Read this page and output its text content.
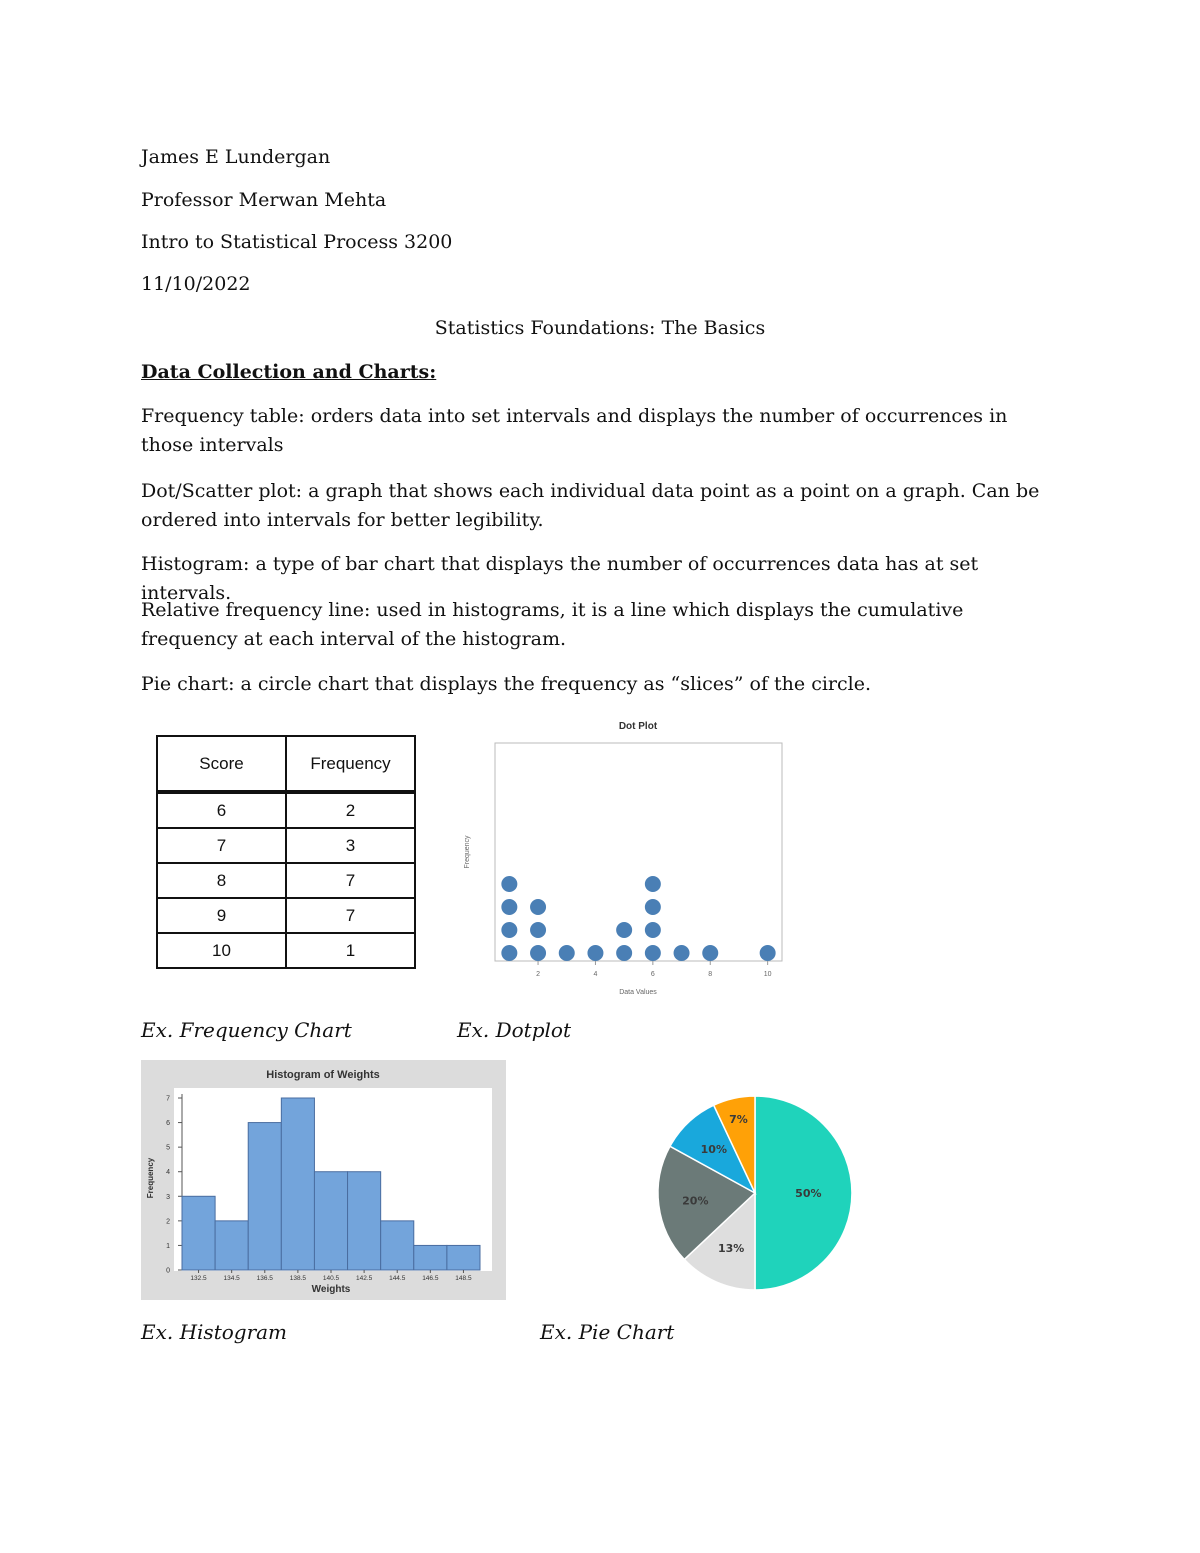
James E Lundergan
Professor Merwan Mehta
Intro to Statistical Process 3200
11/10/2022
Statistics Foundations: The Basics
Data Collection and Charts:
Frequency table: orders data into set intervals and displays the number of occurrences in those intervals
Dot/Scatter plot: a graph that shows each individual data point as a point on a graph. Can be ordered into intervals for better legibility.
Histogram: a type of bar chart that displays the number of occurrences data has at set intervals.
Relative frequency line: used in histograms, it is a line which displays the cumulative frequency at each interval of the histogram.
Pie chart: a circle chart that displays the frequency as “slices” of the circle.
Score	Frequency
6	2
7	3
8	7
9	7
10	1
Dot Plot
Frequency
Data Values
2	4	6	8	10
Ex. Frequency Chart	Ex. Dotplot
Histogram of Weights
Frequency
Weights
0
1
2
3
4
5
6
7
132.5	134.5	136.5	138.5	140.5	142.5	144.5	146.5	148.5
50%
13%
20%
10%
7%
Ex. Histogram	Ex. Pie Chart
